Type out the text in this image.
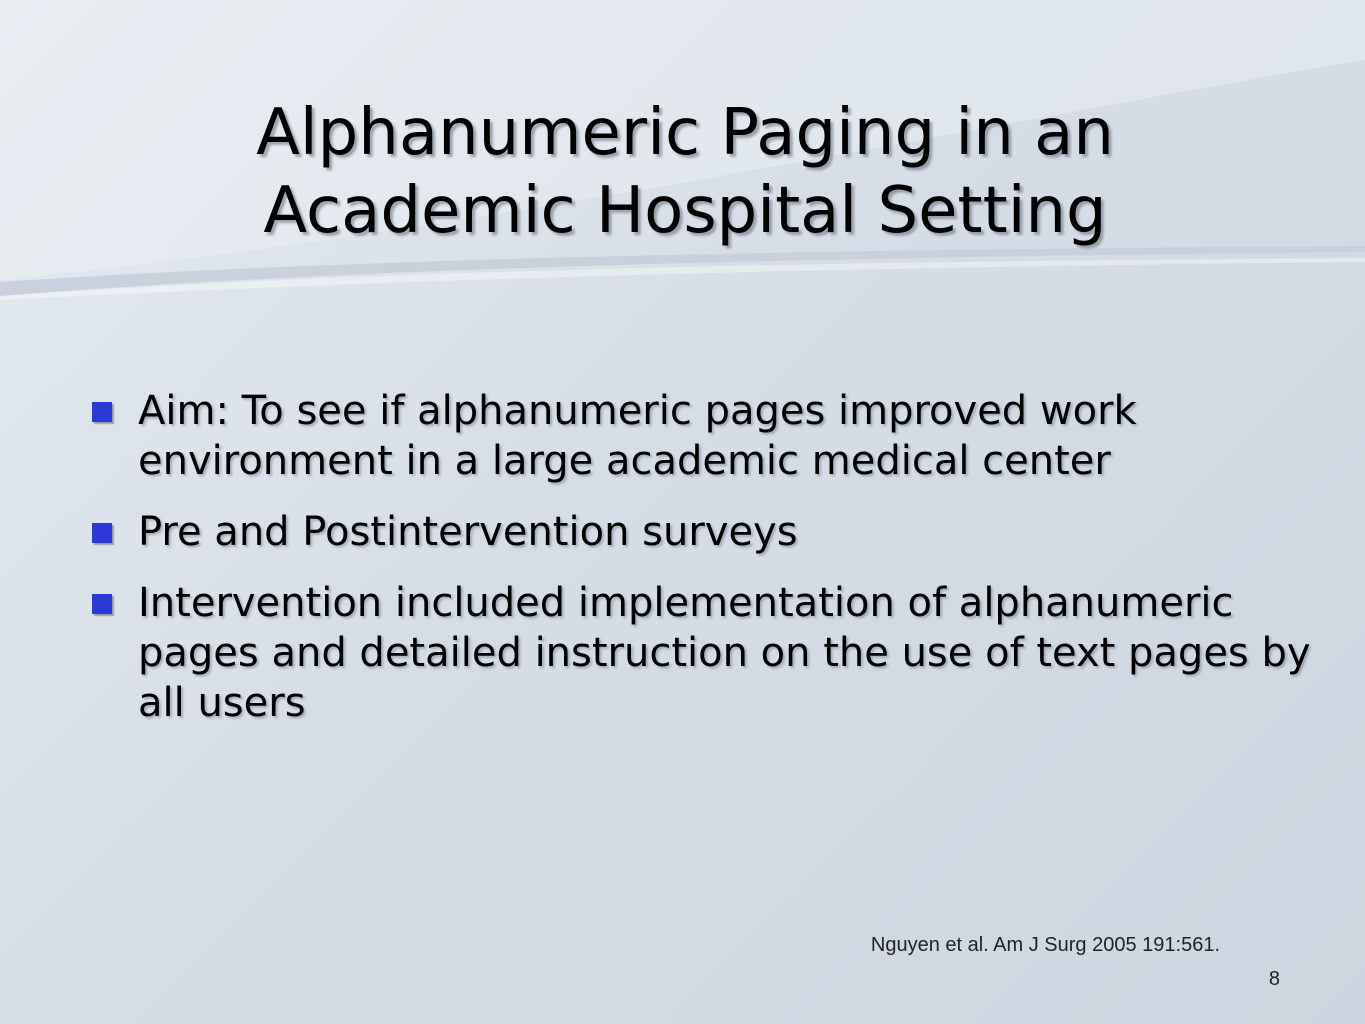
Alphanumeric Paging in an
Academic Hospital Setting
Aim: To see if alphanumeric pages improved work environment in a large academic medical center
Pre and Postintervention surveys
Intervention included implementation of alphanumeric pages and detailed instruction on the use of text pages by all users
Nguyen et al. Am J Surg 2005 191:561.
8
